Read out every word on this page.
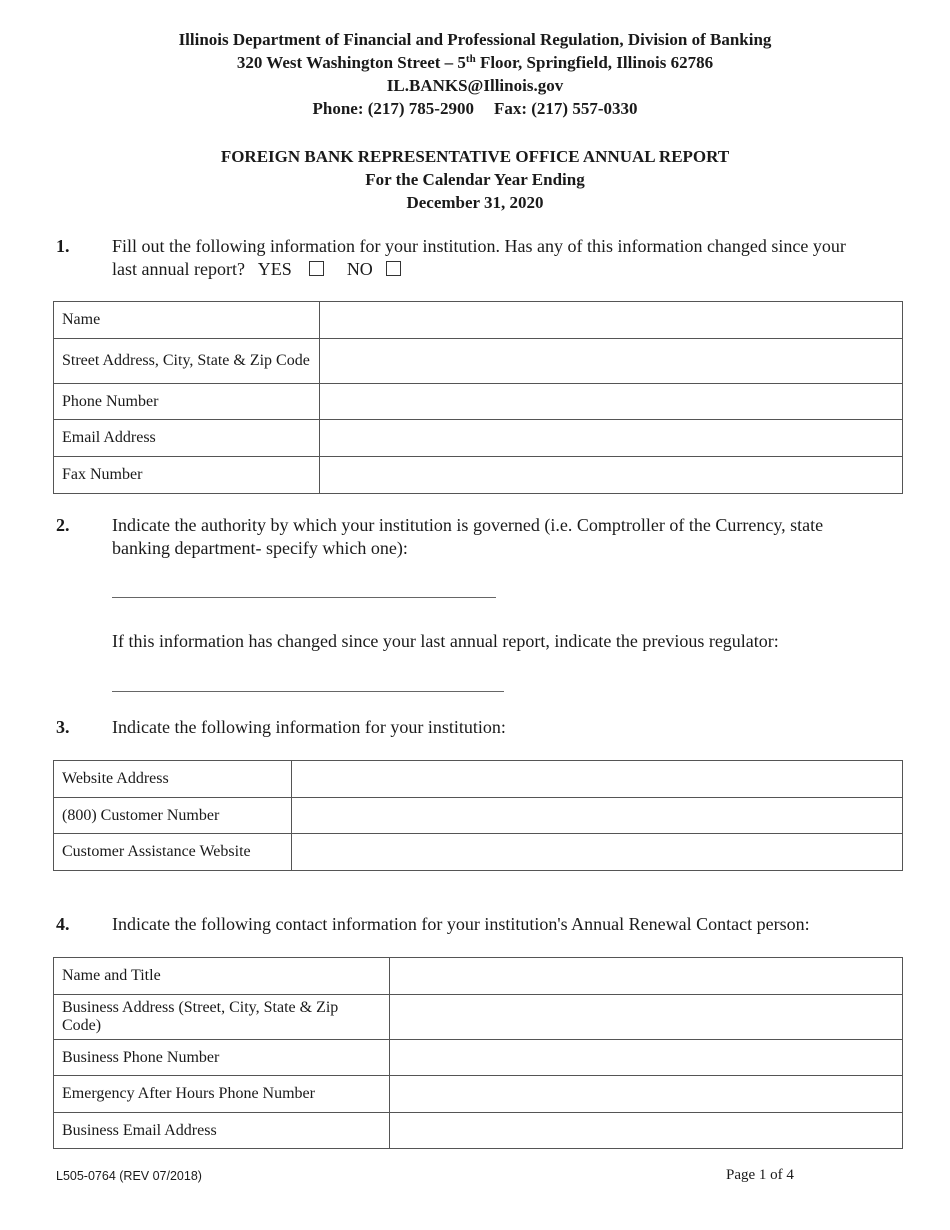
Illinois Department of Financial and Professional Regulation, Division of Banking
320 West Washington Street – 5th Floor, Springfield, Illinois 62786
IL.BANKS@Illinois.gov
Phone: (217) 785-2900 Fax: (217) 557-0330
FOREIGN BANK REPRESENTATIVE OFFICE ANNUAL REPORT
For the Calendar Year Ending
December 31, 2020
1. Fill out the following information for your institution. Has any of this information changed since your
last annual report? YES	NO
Name	
Street Address, City, State & Zip Code	
Phone Number	
Email Address	
Fax Number	
2. Indicate the authority by which your institution is governed (i.e. Comptroller of the Currency, state
banking department- specify which one):
If this information has changed since your last annual report, indicate the previous regulator:
3. Indicate the following information for your institution:
Website Address	
(800) Customer Number	
Customer Assistance Website	
4. Indicate the following contact information for your institution's Annual Renewal Contact person:
Name and Title	
Business Address (Street, City, State & Zip Code)	
Business Phone Number	
Emergency After Hours Phone Number	
Business Email Address	
L505-0764 (REV 07/2018)	Page 1 of 4
